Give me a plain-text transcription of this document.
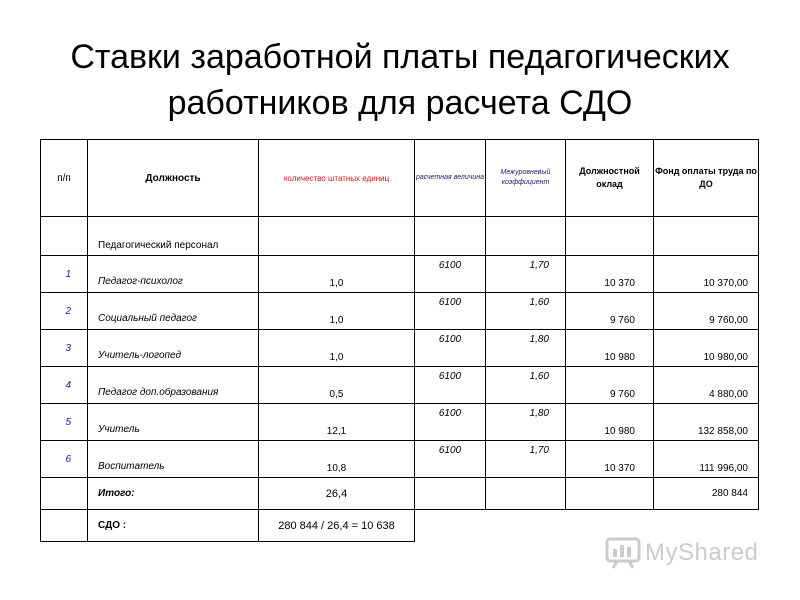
Ставки заработной платы педагогических
работников для расчета СДО
п/п	Должность	количество штатных единиц	расчетная величина	Межуровневый коэффициент	Должностной оклад	Фонд оплаты труда по ДО
	Педагогический персонал					
1	Педагог-психолог	1,0	6100	1,70	10 370	10 370,00
2	Социальный педагог	1,0	6100	1,60	9 760	9 760,00
3	Учитель-логопед	1,0	6100	1,80	10 980	10 980,00
4	Педагог доп.образования	0,5	6100	1,60	9 760	4 880,00
5	Учитель	12,1	6100	1,80	10 980	132 858,00
6	Воспитатель	10,8	6100	1,70	10 370	111 996,00
	Итого:	26,4				280 844
	СДО :	280 844 / 26,4 = 10 638				
MyShared
